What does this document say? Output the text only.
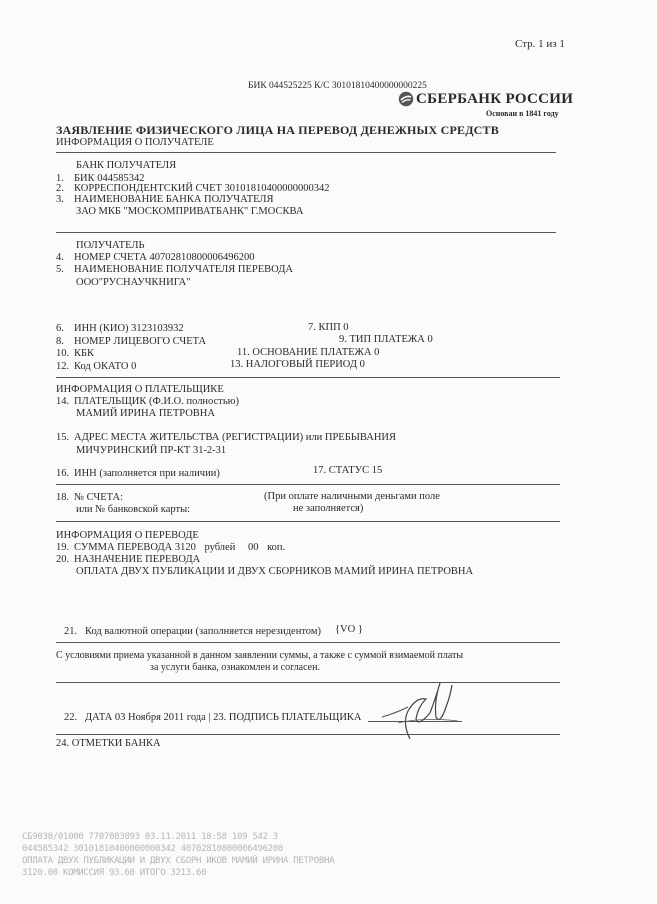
Стр. 1 из 1
БИК 044525225 К/С 30101810400000000225
СБЕРБАНК РОССИИ
Основан в 1841 году
ЗАЯВЛЕНИЕ ФИЗИЧЕСКОГО ЛИЦА НА ПЕРЕВОД ДЕНЕЖНЫХ СРЕДСТВ
ИНФОРМАЦИЯ О ПОЛУЧАТЕЛЕ
БАНК ПОЛУЧАТЕЛЯ
1. БИК 044585342
2. КОРРЕСПОНДЕНТСКИЙ СЧЕТ 30101810400000000342
3. НАИМЕНОВАНИЕ БАНКА ПОЛУЧАТЕЛЯ
ЗАО МКБ "МОСКОМПРИВАТБАНК" Г.МОСКВА
ПОЛУЧАТЕЛЬ
4. НОМЕР СЧЕТА 40702810800006496200
5. НАИМЕНОВАНИЕ ПОЛУЧАТЕЛЯ ПЕРЕВОДА
ООО"РУСНАУЧКНИГА"
6. ИНН (КИО) 3123103932	7. КПП 0
8. НОМЕР ЛИЦЕВОГО СЧЕТА	9. ТИП ПЛАТЕЖА 0
10. КБК	11. ОСНОВАНИЕ ПЛАТЕЖА 0
12. Код ОКАТО 0	13. НАЛОГОВЫЙ ПЕРИОД 0
ИНФОРМАЦИЯ О ПЛАТЕЛЬЩИКЕ
14. ПЛАТЕЛЬЩИК (Ф.И.О. полностью)
МАМИЙ ИРИНА ПЕТРОВНА
15. АДРЕС МЕСТА ЖИТЕЛЬСТВА (РЕГИСТРАЦИИ) или ПРЕБЫВАНИЯ
МИЧУРИНСКИЙ ПР-КТ 31-2-31
16. ИНН (заполняется при наличии)	17. СТАТУС 15
18. № СЧЕТА:	(При оплате наличными деньгами поле
или № банковской карты:	не заполняется)
ИНФОРМАЦИЯ О ПЕРЕВОДЕ
19. СУММА ПЕРЕВОДА 3120 рублей 00 коп.
20. НАЗНАЧЕНИЕ ПЕРЕВОДА
ОПЛАТА ДВУХ ПУБЛИКАЦИИ И ДВУХ СБОРНИКОВ МАМИЙ ИРИНА ПЕТРОВНА
21. Код валютной операции (заполняется нерезидентом) {VO }
С условиями приема указанной в данном заявлении суммы, а также с суммой взимаемой платы
за услуги банка, ознакомлен и согласен.
22. ДАТА 03 Ноября 2011 года | 23. ПОДПИСЬ ПЛАТЕЛЬЩИКА
24. ОТМЕТКИ БАНКА
СБ9038/01000 7707083893 03.11.2011 18:58 109 542 3
044585342 30101810400000000342 40702810800006496200
ОПЛАТА ДВУХ ПУБЛИКАЦИИ И ДВУХ СБОРН ИКОВ МАМИЙ ИРИНА ПЕТРОВНА
3120.00 КОМИССИЯ 93.60 ИТОГО 3213.60
